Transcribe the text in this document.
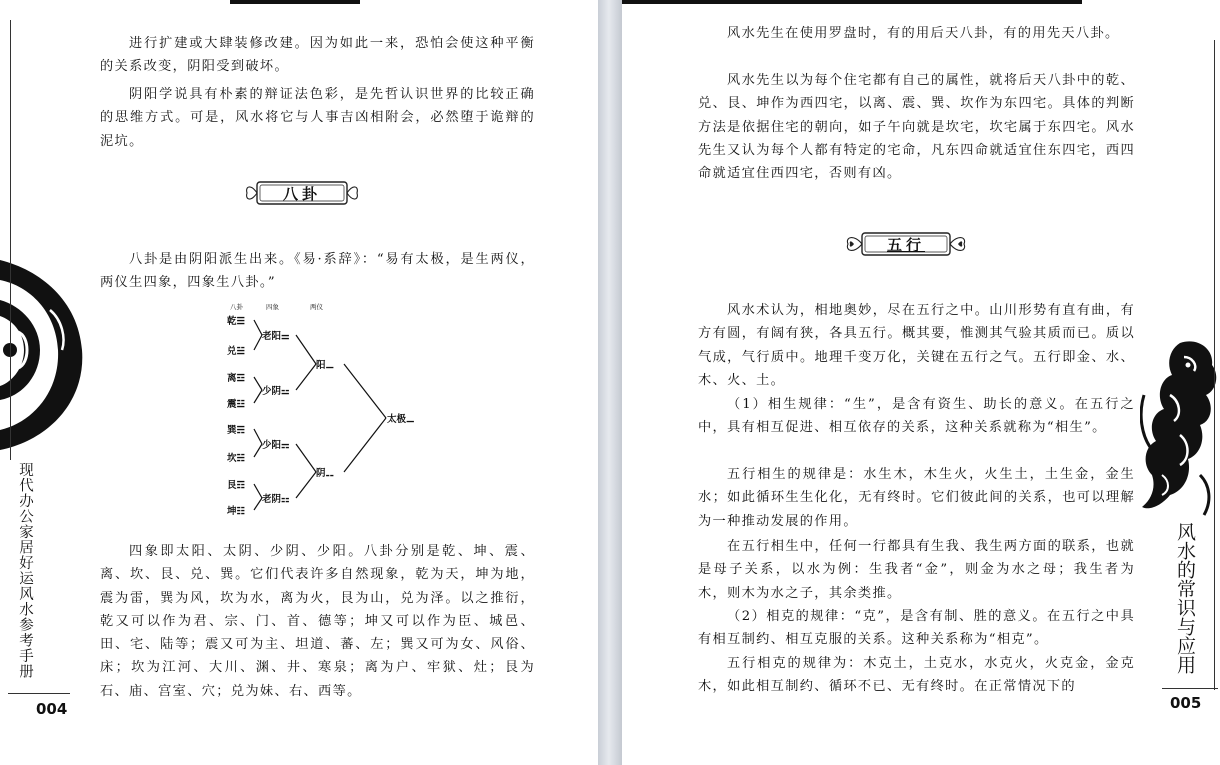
进行扩建或大肆装修改建。因为如此一来，恐怕会使这种平衡的关系改变，阴阳受到破坏。

阴阳学说具有朴素的辩证法色彩，是先哲认识世界的比较正确的思维方式。可是，风水将它与人事吉凶相附会，必然堕于诡辩的泥坑。

八卦

八卦是由阴阳派生出来。《易·系辞》：“易有太极，是生两仪，两仪生四象，四象生八卦。”

八卦	四象	两仪
乾☰
兑☱
离☲
震☳
巽☴
坎☵
艮☶
坤☷
老阳⚌
少阴⚍
少阳⚎
老阴⚏
阳⚊
阴⚋
太极⚊

四象即太阳、太阴、少阴、少阳。八卦分别是乾、坤、震、离、坎、艮、兑、巽。它们代表许多自然现象，乾为天，坤为地，震为雷，巽为风，坎为水，离为火，艮为山，兑为泽。以之推衍，乾又可以作为君、宗、门、首、德等；坤又可以作为臣、城邑、田、宅、陆等；震又可为主、坦道、蕃、左；巽又可为女、风俗、床；坎为江河、大川、渊、井、寒泉；离为户、牢狱、灶；艮为石、庙、宫室、穴；兑为妹、右、西等。

现代办公家居好运风水参考手册
004

风水先生在使用罗盘时，有的用后天八卦，有的用先天八卦。

风水先生以为每个住宅都有自己的属性，就将后天八卦中的乾、兑、艮、坤作为西四宅，以离、震、巽、坎作为东四宅。具体的判断方法是依据住宅的朝向，如子午向就是坎宅，坎宅属于东四宅。风水先生又认为每个人都有特定的宅命，凡东四命就适宜住东四宅，西四命就适宜住西四宅，否则有凶。

五行

风水术认为，相地奥妙，尽在五行之中。山川形势有直有曲，有方有圆，有阔有狭，各具五行。概其要，惟测其气验其质而已。质以气成，气行质中。地理千变万化，关键在五行之气。五行即金、水、木、火、土。

（1）相生规律：“生”，是含有资生、助长的意义。在五行之中，具有相互促进、相互依存的关系，这种关系就称为“相生”。

五行相生的规律是：水生木，木生火，火生土，土生金，金生水；如此循环生生化化，无有终时。它们彼此间的关系，也可以理解为一种推动发展的作用。

在五行相生中，任何一行都具有生我、我生两方面的联系，也就是母子关系，以水为例：生我者“金”，则金为水之母；我生者为木，则木为水之子，其余类推。

（2）相克的规律：“克”，是含有制、胜的意义。在五行之中具有相互制约、相互克服的关系。这种关系称为“相克”。

五行相克的规律为：木克土，土克水，水克火，火克金，金克木，如此相互制约、循环不已、无有终时。在正常情况下的

风水的常识与应用
005
